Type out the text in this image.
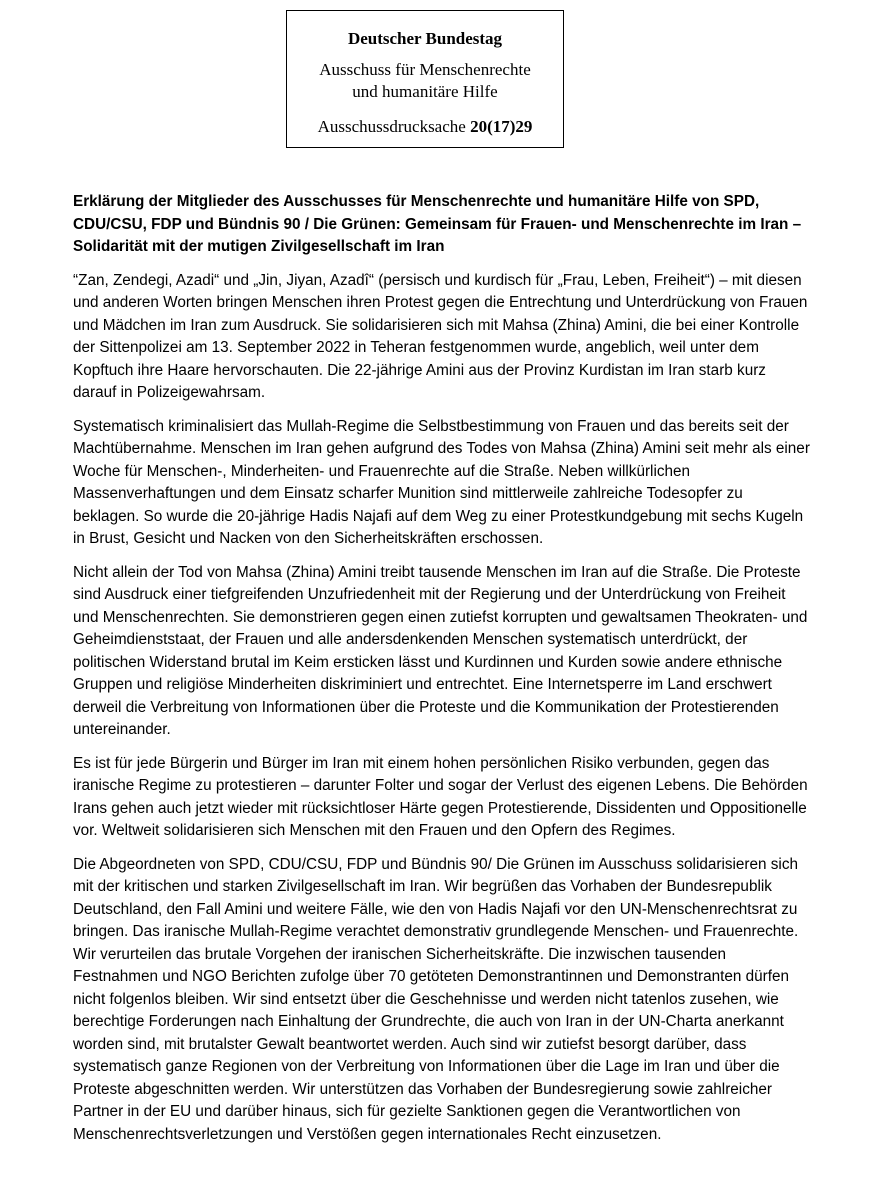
Deutscher Bundestag
Ausschuss für Menschenrechte
und humanitäre Hilfe
Ausschussdrucksache 20(17)29

Erklärung der Mitglieder des Ausschusses für Menschenrechte und humanitäre Hilfe von SPD, CDU/CSU, FDP und Bündnis 90 / Die Grünen: Gemeinsam für Frauen- und Menschenrechte im Iran – Solidarität mit der mutigen Zivilgesellschaft im Iran

“Zan, Zendegi, Azadi“ und „Jin, Jiyan, Azadî“ (persisch und kurdisch für „Frau, Leben, Freiheit“) – mit diesen und anderen Worten bringen Menschen ihren Protest gegen die Entrechtung und Unterdrückung von Frauen und Mädchen im Iran zum Ausdruck. Sie solidarisieren sich mit Mahsa (Zhina) Amini, die bei einer Kontrolle der Sittenpolizei am 13. September 2022 in Teheran festgenommen wurde, angeblich, weil unter dem Kopftuch ihre Haare hervorschauten. Die 22-jährige Amini aus der Provinz Kurdistan im Iran starb kurz darauf in Polizeigewahrsam.

Systematisch kriminalisiert das Mullah-Regime die Selbstbestimmung von Frauen und das bereits seit der Machtübernahme. Menschen im Iran gehen aufgrund des Todes von Mahsa (Zhina) Amini seit mehr als einer Woche für Menschen-, Minderheiten- und Frauenrechte auf die Straße. Neben willkürlichen Massenverhaftungen und dem Einsatz scharfer Munition sind mittlerweile zahlreiche Todesopfer zu beklagen. So wurde die 20-jährige Hadis Najafi auf dem Weg zu einer Protestkundgebung mit sechs Kugeln in Brust, Gesicht und Nacken von den Sicherheitskräften erschossen.

Nicht allein der Tod von Mahsa (Zhina) Amini treibt tausende Menschen im Iran auf die Straße. Die Proteste sind Ausdruck einer tiefgreifenden Unzufriedenheit mit der Regierung und der Unterdrückung von Freiheit und Menschenrechten. Sie demonstrieren gegen einen zutiefst korrupten und gewaltsamen Theokraten- und Geheimdienststaat, der Frauen und alle andersdenkenden Menschen systematisch unterdrückt, der politischen Widerstand brutal im Keim ersticken lässt und Kurdinnen und Kurden sowie andere ethnische Gruppen und religiöse Minderheiten diskriminiert und entrechtet. Eine Internetsperre im Land erschwert derweil die Verbreitung von Informationen über die Proteste und die Kommunikation der Protestierenden untereinander.

Es ist für jede Bürgerin und Bürger im Iran mit einem hohen persönlichen Risiko verbunden, gegen das iranische Regime zu protestieren – darunter Folter und sogar der Verlust des eigenen Lebens. Die Behörden Irans gehen auch jetzt wieder mit rücksichtloser Härte gegen Protestierende, Dissidenten und Oppositionelle vor. Weltweit solidarisieren sich Menschen mit den Frauen und den Opfern des Regimes.

Die Abgeordneten von SPD, CDU/CSU, FDP und Bündnis 90/ Die Grünen im Ausschuss solidarisieren sich mit der kritischen und starken Zivilgesellschaft im Iran. Wir begrüßen das Vorhaben der Bundesrepublik Deutschland, den Fall Amini und weitere Fälle, wie den von Hadis Najafi vor den UN-Menschenrechtsrat zu bringen. Das iranische Mullah-Regime verachtet demonstrativ grundlegende Menschen- und Frauenrechte. Wir verurteilen das brutale Vorgehen der iranischen Sicherheitskräfte. Die inzwischen tausenden Festnahmen und NGO Berichten zufolge über 70 getöteten Demonstrantinnen und Demonstranten dürfen nicht folgenlos bleiben. Wir sind entsetzt über die Geschehnisse und werden nicht tatenlos zusehen, wie berechtige Forderungen nach Einhaltung der Grundrechte, die auch von Iran in der UN-Charta anerkannt worden sind, mit brutalster Gewalt beantwortet werden. Auch sind wir zutiefst besorgt darüber, dass systematisch ganze Regionen von der Verbreitung von Informationen über die Lage im Iran und über die Proteste abgeschnitten werden. Wir unterstützen das Vorhaben der Bundesregierung sowie zahlreicher Partner in der EU und darüber hinaus, sich für gezielte Sanktionen gegen die Verantwortlichen von Menschenrechtsverletzungen und Verstößen gegen internationales Recht einzusetzen.
